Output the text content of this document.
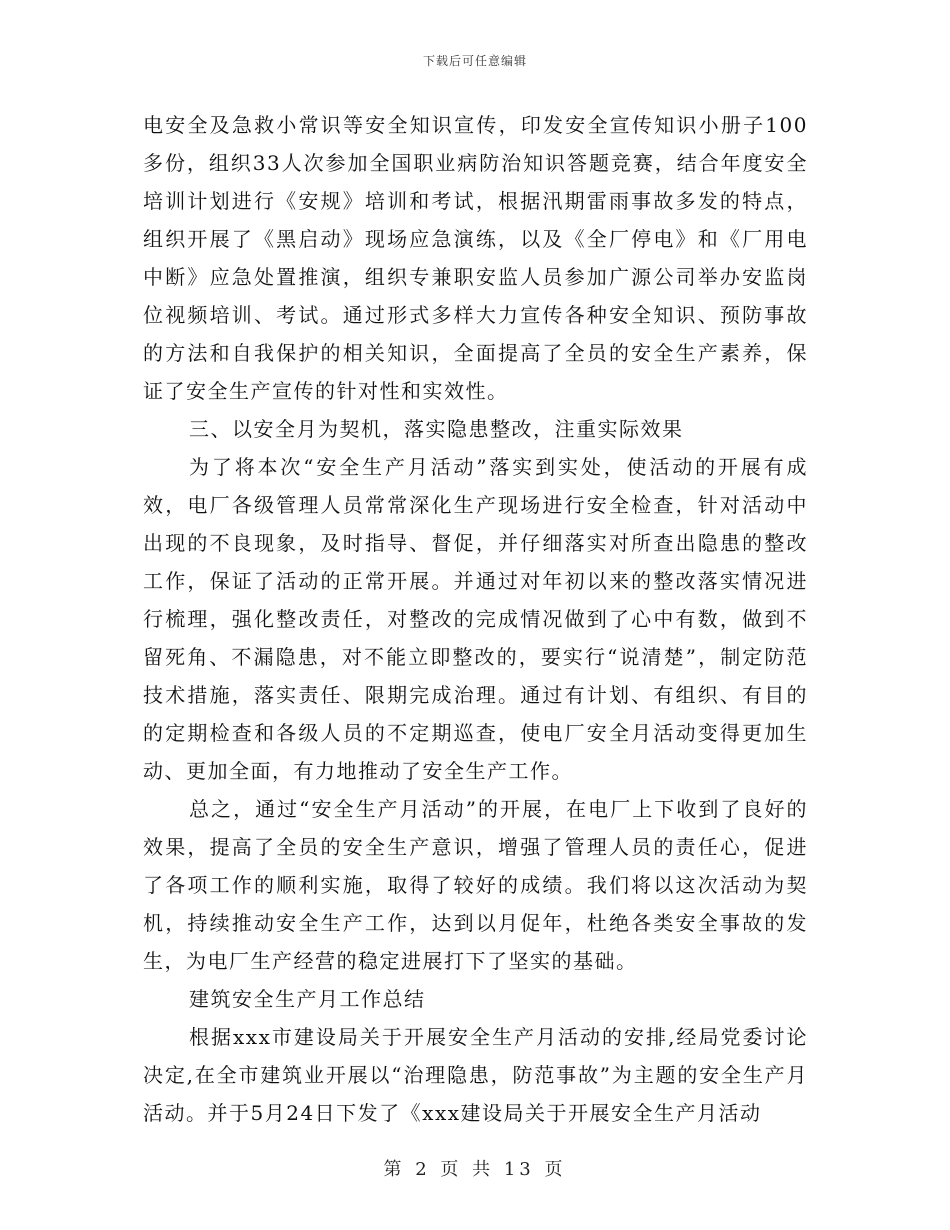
下载后可任意编辑

电安全及急救小常识等安全知识宣传，印发安全宣传知识小册子100多份，组织33人次参加全国职业病防治知识答题竞赛，结合年度安全培训计划进行《安规》培训和考试，根据汛期雷雨事故多发的特点，组织开展了《黑启动》现场应急演练，以及《全厂停电》和《厂用电中断》应急处置推演，组织专兼职安监人员参加广源公司举办安监岗位视频培训、考试。通过形式多样大力宣传各种安全知识、预防事故的方法和自我保护的相关知识，全面提高了全员的安全生产素养，保证了安全生产宣传的针对性和实效性。

三、以安全月为契机，落实隐患整改，注重实际效果

为了将本次“安全生产月活动”落实到实处，使活动的开展有成效，电厂各级管理人员常常深化生产现场进行安全检查，针对活动中出现的不良现象，及时指导、督促，并仔细落实对所查出隐患的整改工作，保证了活动的正常开展。并通过对年初以来的整改落实情况进行梳理，强化整改责任，对整改的完成情况做到了心中有数，做到不留死角、不漏隐患，对不能立即整改的，要实行“说清楚”，制定防范技术措施，落实责任、限期完成治理。通过有计划、有组织、有目的的定期检查和各级人员的不定期巡查，使电厂安全月活动变得更加生动、更加全面，有力地推动了安全生产工作。

总之，通过“安全生产月活动”的开展，在电厂上下收到了良好的效果，提高了全员的安全生产意识，增强了管理人员的责任心，促进了各项工作的顺利实施，取得了较好的成绩。我们将以这次活动为契机，持续推动安全生产工作，达到以月促年，杜绝各类安全事故的发生，为电厂生产经营的稳定进展打下了坚实的基础。

建筑安全生产月工作总结

根据xxx市建设局关于开展安全生产月活动的安排,经局党委讨论决定,在全市建筑业开展以“治理隐患，防范事故”为主题的安全生产月活动。并于5月24日下发了《xxx建设局关于开展安全生产月活动

第 2 页 共 13 页
